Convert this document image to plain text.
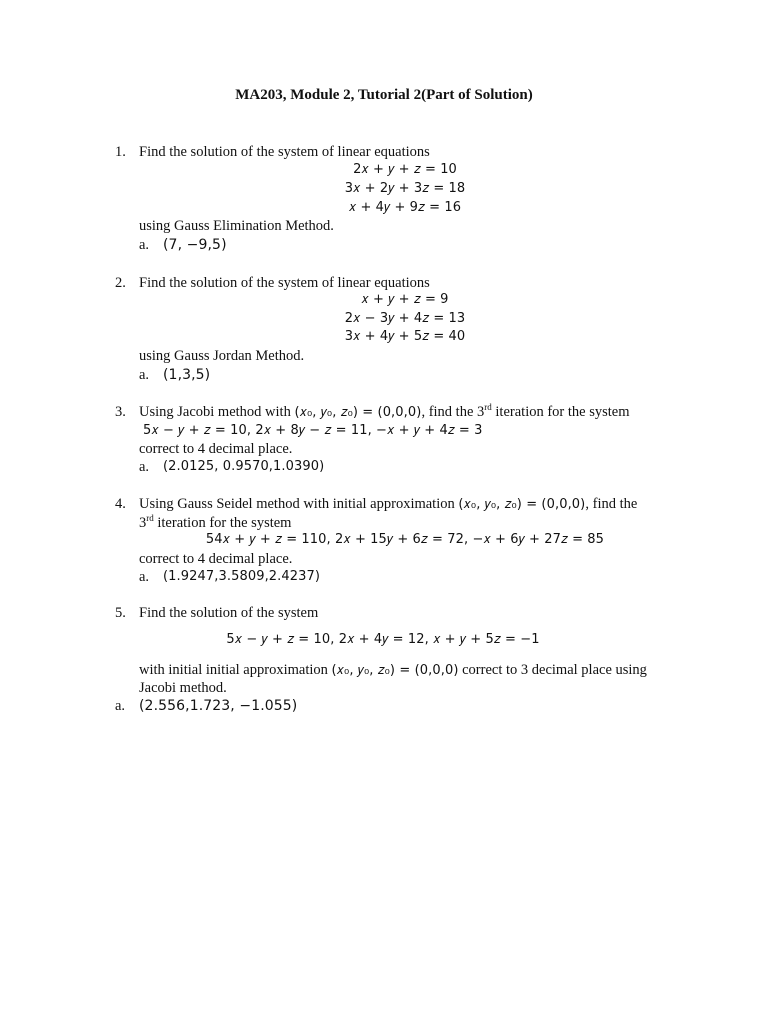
MA203, Module 2, Tutorial 2(Part of Solution)
1. Find the solution of the system of linear equations
2𝑥 + 𝑦 + 𝑧 = 10
3𝑥 + 2𝑦 + 3𝑧 = 18
𝑥 + 4𝑦 + 9𝑧 = 16
using Gauss Elimination Method.
a. (7, −9,5)
2. Find the solution of the system of linear equations
𝑥 + 𝑦 + 𝑧 = 9
2𝑥 − 3𝑦 + 4𝑧 = 13
3𝑥 + 4𝑦 + 5𝑧 = 40
using Gauss Jordan Method.
a. (1,3,5)
3. Using Jacobi method with (𝑥₀, 𝑦₀, 𝑧₀) = (0,0,0), find the 3rd iteration for the system
5𝑥 − 𝑦 + 𝑧 = 10, 2𝑥 + 8𝑦 − 𝑧 = 11, −𝑥 + 𝑦 + 4𝑧 = 3
correct to 4 decimal place.
a. (2.0125, 0.9570,1.0390)
4. Using Gauss Seidel method with initial approximation (𝑥₀, 𝑦₀, 𝑧₀) = (0,0,0), find the
3rd iteration for the system
54𝑥 + 𝑦 + 𝑧 = 110, 2𝑥 + 15𝑦 + 6𝑧 = 72, −𝑥 + 6𝑦 + 27𝑧 = 85
correct to 4 decimal place.
a. (1.9247,3.5809,2.4237)
5. Find the solution of the system
5𝑥 − 𝑦 + 𝑧 = 10, 2𝑥 + 4𝑦 = 12, 𝑥 + 𝑦 + 5𝑧 = −1
with initial initial approximation (𝑥₀, 𝑦₀, 𝑧₀) = (0,0,0) correct to 3 decimal place using
Jacobi method.
a. (2.556,1.723, −1.055)
